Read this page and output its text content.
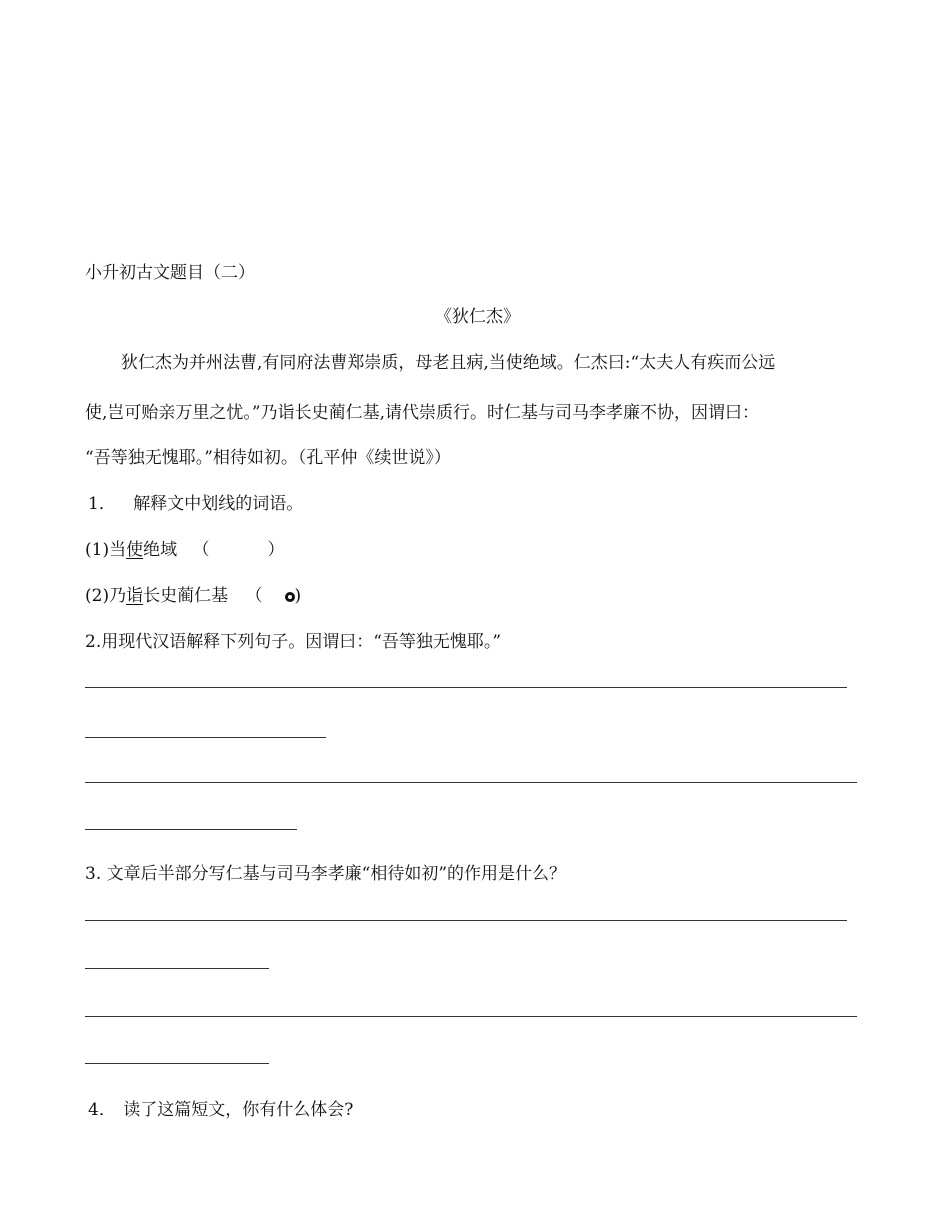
小升初古文题目（二）
《狄仁杰》
狄仁杰为并州法曹,有同府法曹郑崇质，母老且病,当使绝域。仁杰曰:“太夫人有疾而公远
使,岂可贻亲万里之忧。”乃诣长史蔺仁基,请代崇质行。时仁基与司马李孝廉不协，因谓曰：
“吾等独无愧耶。”相待如初。（孔平仲《续世说》）
1． 解释文中划线的词语。
(1)当使绝域 （	）
(2)乃诣长史蔺仁基 （ )
2.用现代汉语解释下列句子。因谓曰：“吾等独无愧耶。”
3. 文章后半部分写仁基与司马李孝廉“相待如初”的作用是什么？
4． 读了这篇短文，你有什么体会?
